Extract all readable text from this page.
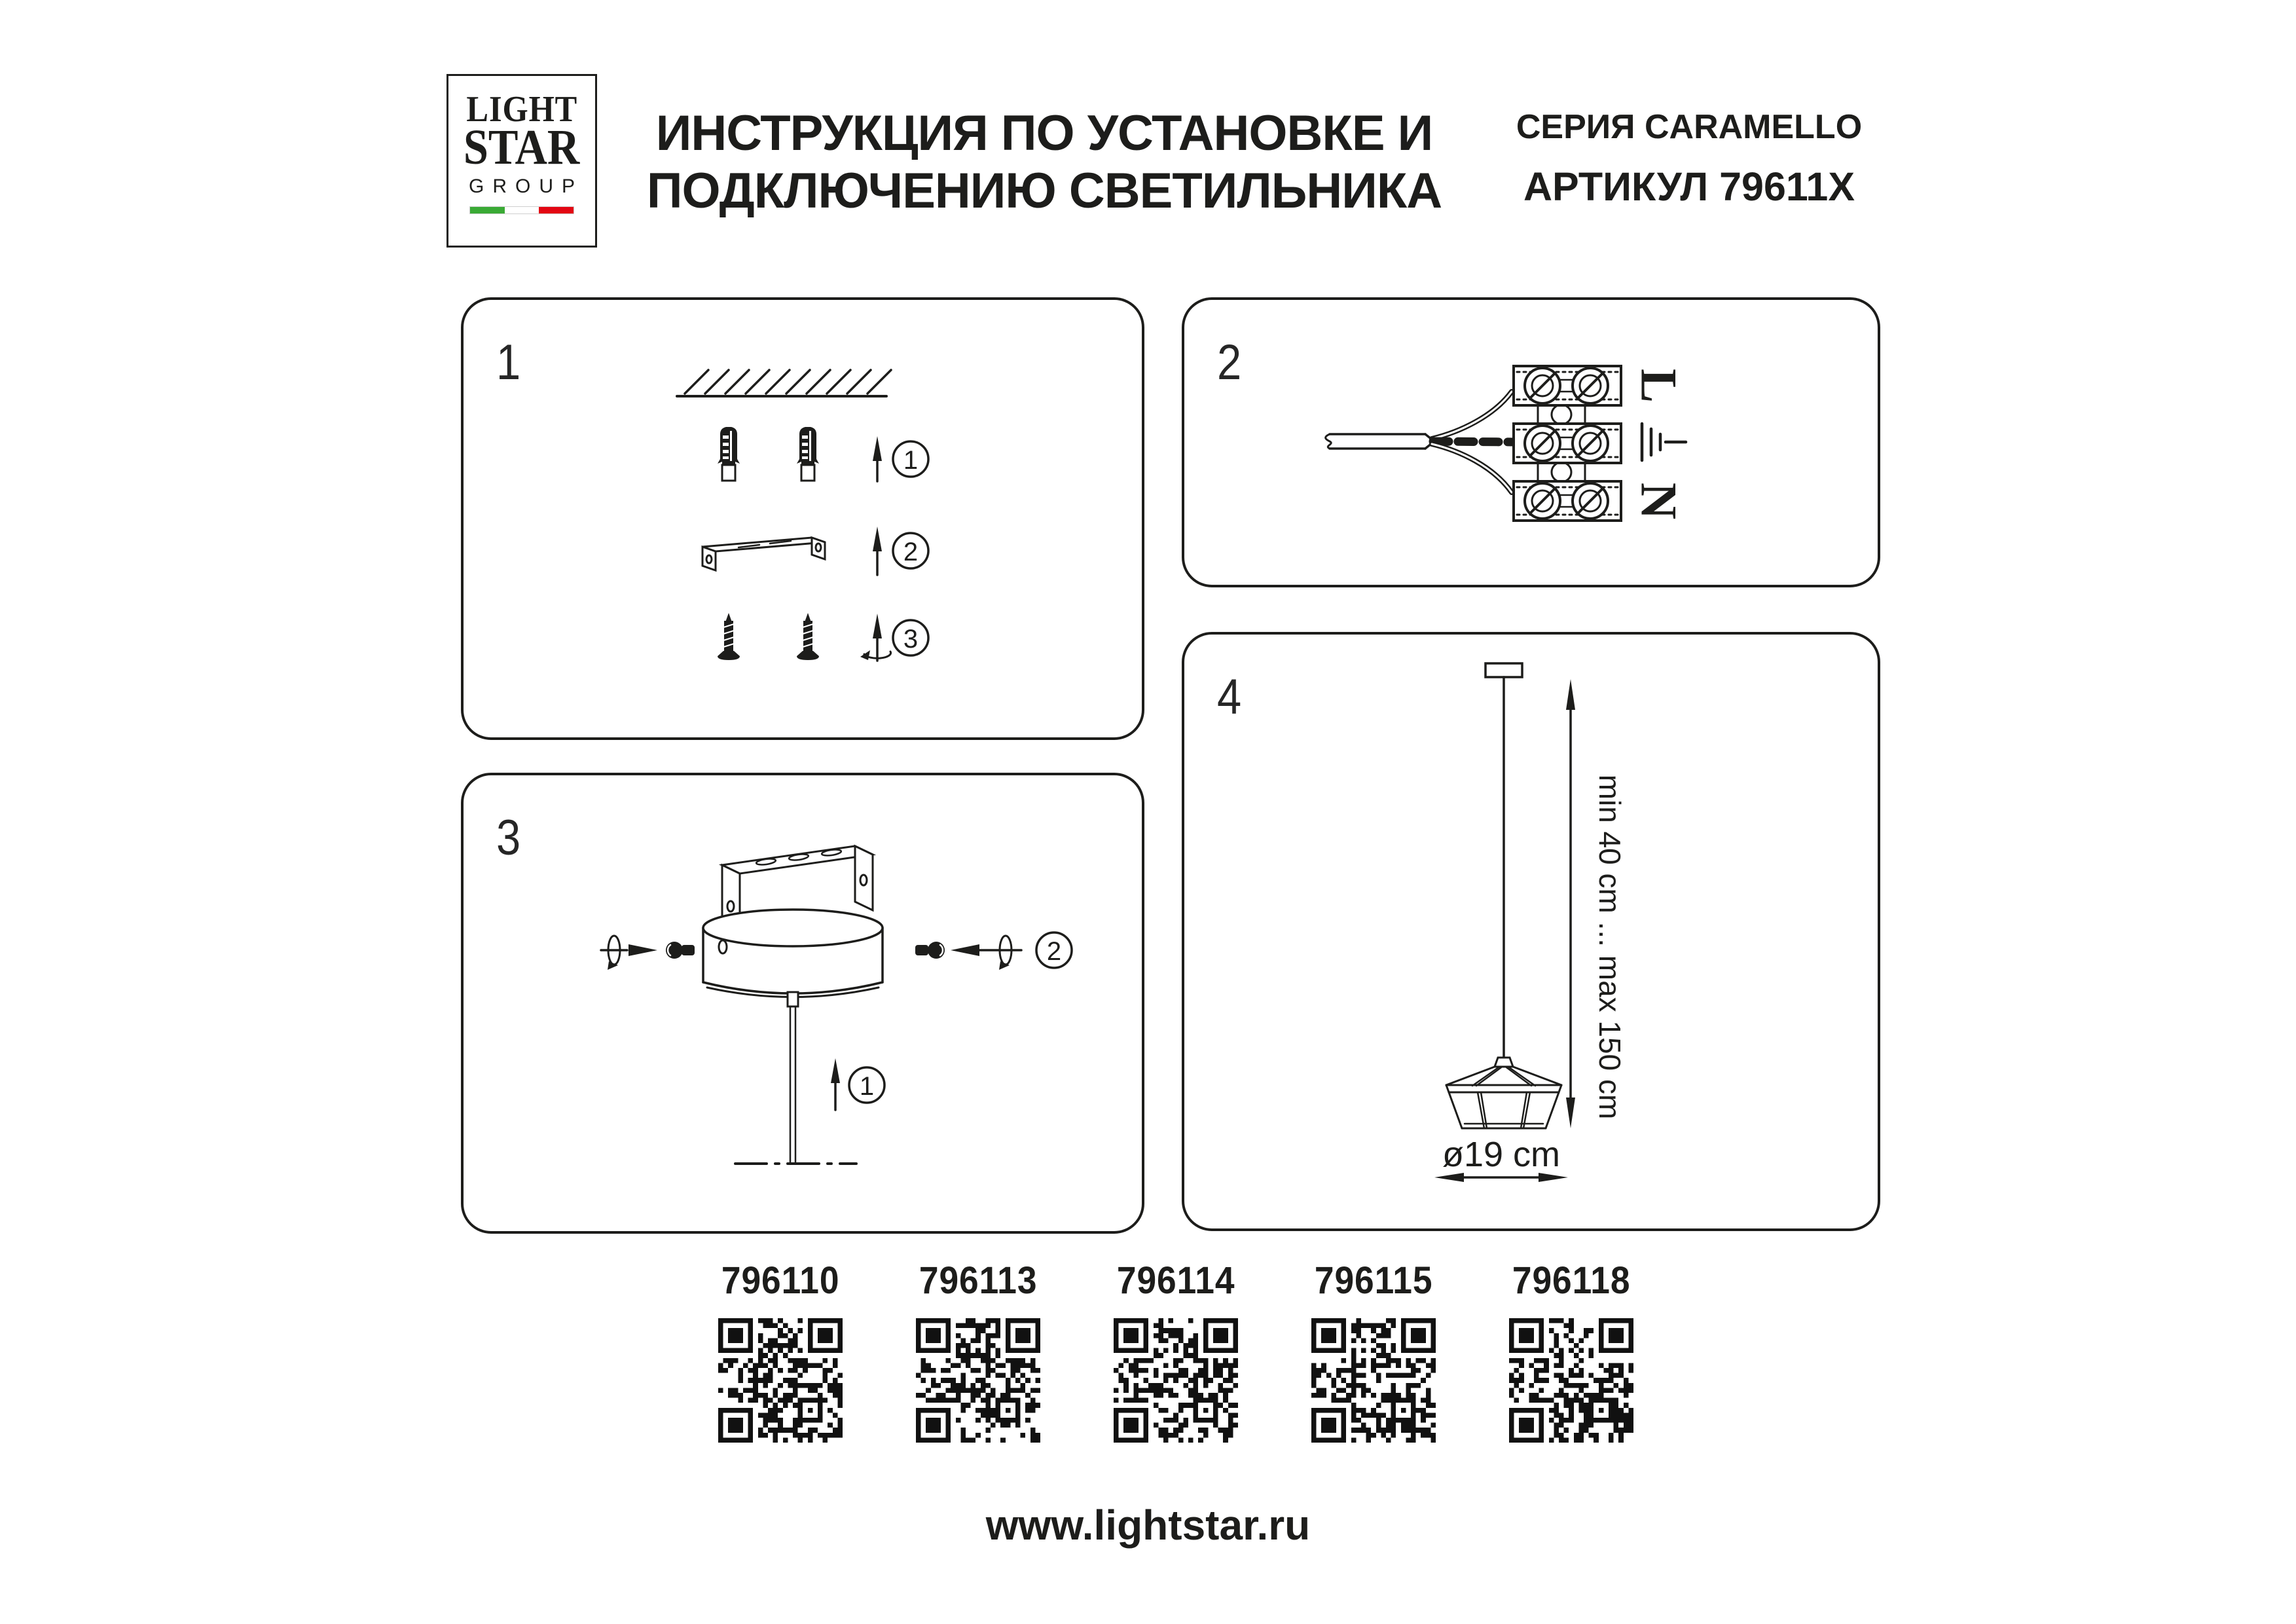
LIGHT
STAR
GROUP
ИНСТРУКЦИЯ ПО УСТАНОВКЕ И
ПОДКЛЮЧЕНИЮ СВЕТИЛЬНИКА
СЕРИЯ CARAMELLO
АРТИКУЛ 79611X
1
1
2
3
2	L
N
3
1
2
4
min 40 cm ... max 150 cm
ø19 cm
796110	796113	796114	796115	796118

www.lightstar.ru
